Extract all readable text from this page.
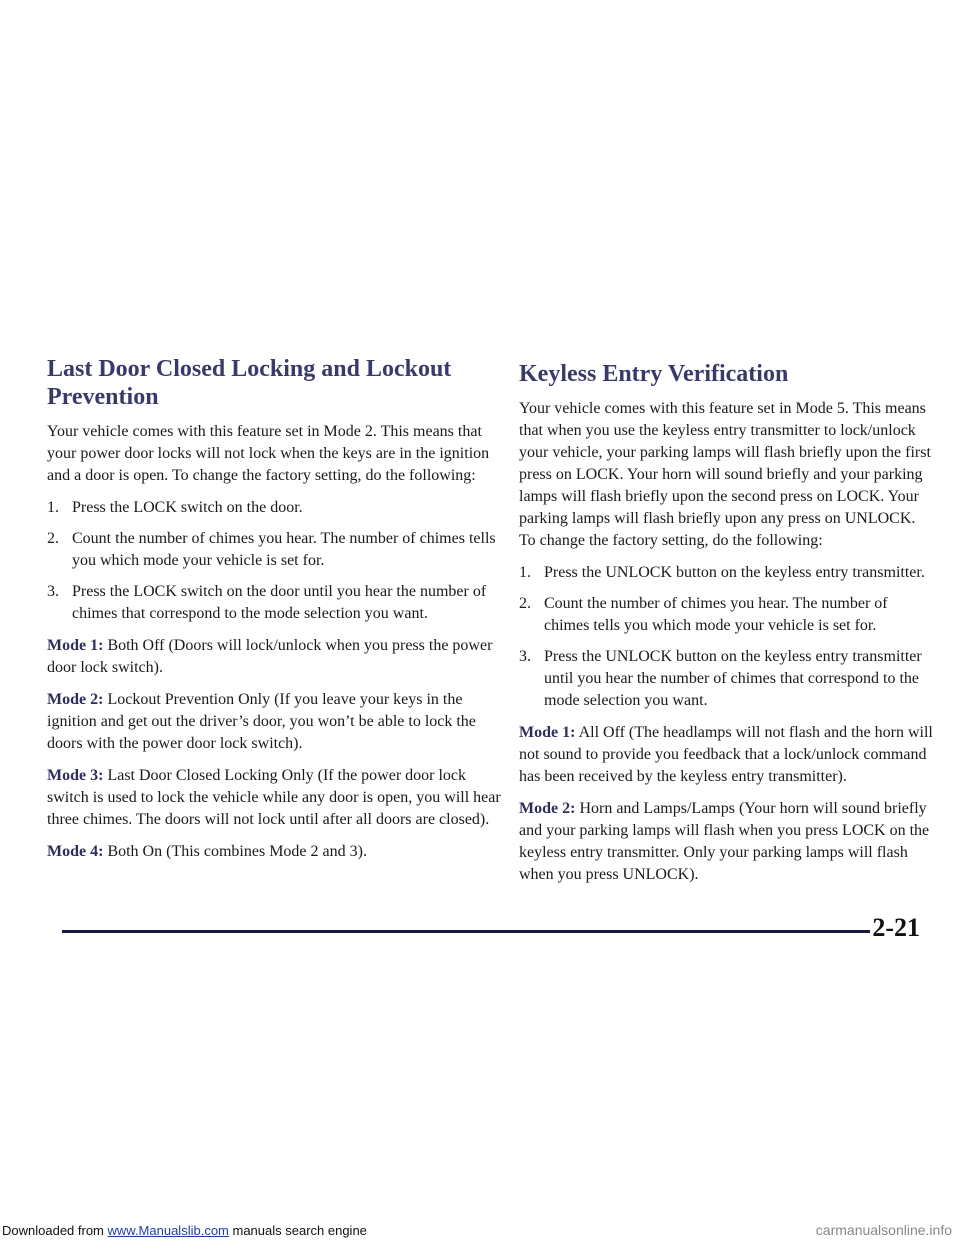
Last Door Closed Locking and Lockout Prevention

Your vehicle comes with this feature set in Mode 2. This means that your power door locks will not lock when the keys are in the ignition and a door is open. To change the factory setting, do the following:

1. Press the LOCK switch on the door.
2. Count the number of chimes you hear. The number of chimes tells you which mode your vehicle is set for.
3. Press the LOCK switch on the door until you hear the number of chimes that correspond to the mode selection you want.

Mode 1: Both Off (Doors will lock/unlock when you press the power door lock switch).

Mode 2: Lockout Prevention Only (If you leave your keys in the ignition and get out the driver’s door, you won’t be able to lock the doors with the power door lock switch).

Mode 3: Last Door Closed Locking Only (If the power door lock switch is used to lock the vehicle while any door is open, you will hear three chimes. The doors will not lock until after all doors are closed).

Mode 4: Both On (This combines Mode 2 and 3).

Keyless Entry Verification

Your vehicle comes with this feature set in Mode 5. This means that when you use the keyless entry transmitter to lock/unlock your vehicle, your parking lamps will flash briefly upon the first press on LOCK. Your horn will sound briefly and your parking lamps will flash briefly upon the second press on LOCK. Your parking lamps will flash briefly upon any press on UNLOCK. To change the factory setting, do the following:

1. Press the UNLOCK button on the keyless entry transmitter.
2. Count the number of chimes you hear. The number of chimes tells you which mode your vehicle is set for.
3. Press the UNLOCK button on the keyless entry transmitter until you hear the number of chimes that correspond to the mode selection you want.

Mode 1: All Off (The headlamps will not flash and the horn will not sound to provide you feedback that a lock/unlock command has been received by the keyless entry transmitter).

Mode 2: Horn and Lamps/Lamps (Your horn will sound briefly and your parking lamps will flash when you press LOCK on the keyless entry transmitter. Only your parking lamps will flash when you press UNLOCK).

2-21
Downloaded from www.Manualslib.com manuals search engine	carmanualsonline.info
